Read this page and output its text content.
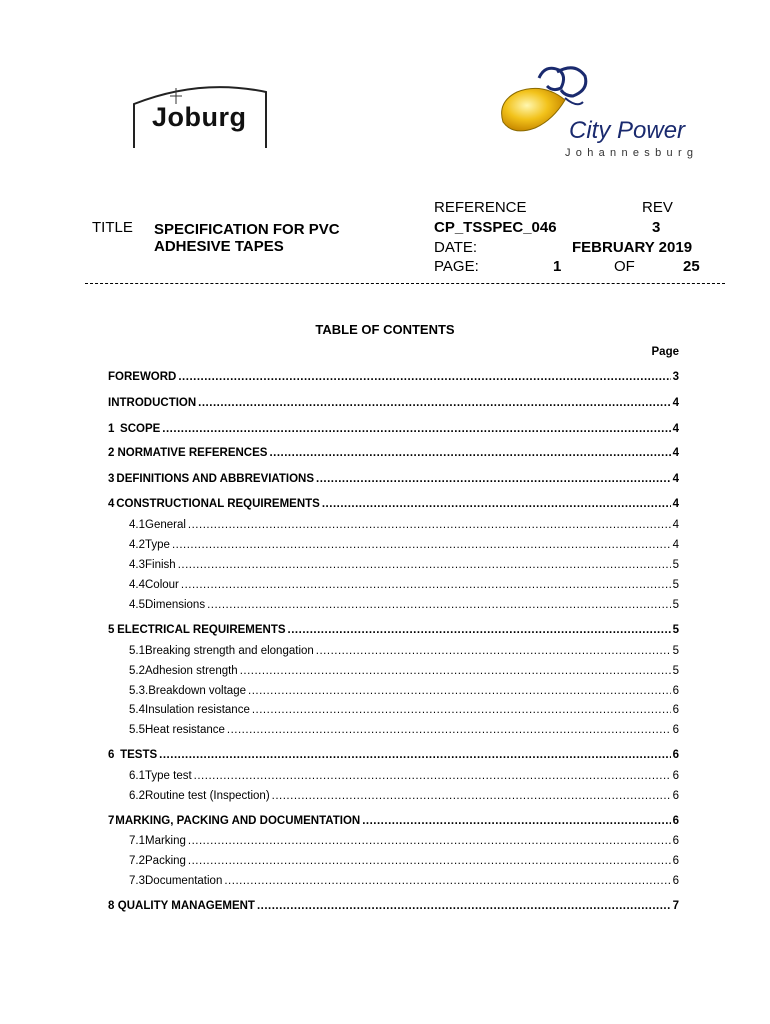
Joburg	City Power
Johannesburg
TITLE SPECIFICATION FOR PVC
ADHESIVE TAPES
REFERENCE	REV
CP_TSSPEC_046	3
DATE:	FEBRUARY 2019
PAGE:	1	OF	25
TABLE OF CONTENTS
Page
FOREWORD .....	3
INTRODUCTION .....	4
1 SCOPE .....	4
2 NORMATIVE REFERENCES .....	4
3 DEFINITIONS AND ABBREVIATIONS .....	4
4 CONSTRUCTIONAL REQUIREMENTS .....	4
4.1 General .....	4
4.2 Type .....	4
4.3 Finish .....	5
4.4 Colour .....	5
4.5 Dimensions .....	5
5 ELECTRICAL REQUIREMENTS .....	5
5.1 Breaking strength and elongation .....	5
5.2 Adhesion strength .....	5
5.3. Breakdown voltage .....	6
5.4 Insulation resistance .....	6
5.5 Heat resistance .....	6
6 TESTS .....	6
6.1 Type test .....	6
6.2 Routine test (Inspection) .....	6
7 MARKING, PACKING AND DOCUMENTATION .....	6
7.1 Marking .....	6
7.2 Packing .....	6
7.3 Documentation .....	6
8 QUALITY MANAGEMENT .....	7
